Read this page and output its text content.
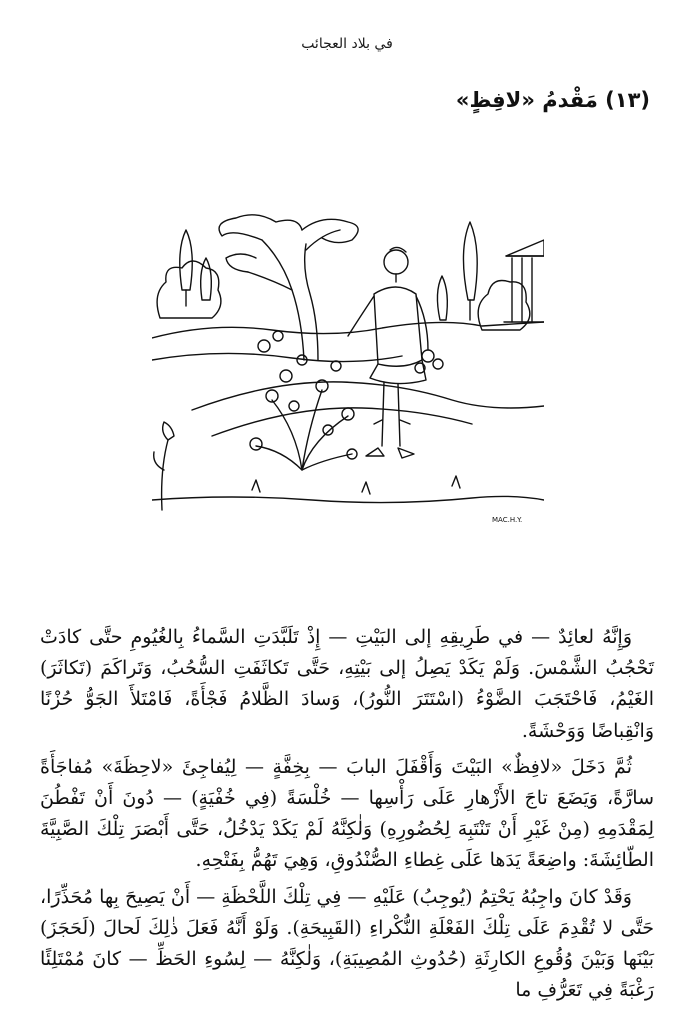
في بلاد العجائب
(١٣) مَقْدمُ «لافِظٍ»
MAC.H.Y.

وَإِنَّهُ لعائِدٌ — في طَرِيقِهِ إلى البَيْتِ — إِذْ تَلَبَّدَتِ السَّماءُ بِالغُيُومِ حتَّى كادَتْ تَحْجُبُ الشَّمْسَ. وَلَمْ يَكَدْ يَصِلُ إلى بَيْتِهِ، حَتَّى تَكاثَفَتِ السُّحُبُ، وَتَراكَمَ (تَكاثَرَ) الغَيْمُ، فَاحْتَجَبَ الضَّوْءُ (اسْتَتَرَ النُّورُ)، وَسادَ الظَّلامُ فَجْأَةً، فَامْتَلأَ الجَوُّ حُزْنًا وَانْقِباضًا وَوَحْشَةً.

ثُمَّ دَخَلَ «لافِظٌ» البَيْتَ وَأَقْفَلَ البابَ — بِخِفَّةٍ — لِيُفاجِئَ «لاحِظَةَ» مُفاجَأَةً سارَّةً، وَيَضَعَ تاجَ الأَزْهارِ عَلَى رَأْسِها — خُلْسَةً (فِي خُفْيَةٍ) — دُونَ أَنْ تَفْطُنَ لِمَقْدَمِهِ (مِنْ غَيْرِ أَنْ تَنْتَبِهَ لِحُضُورِهِ) وَلٰكِنَّهُ لَمْ يَكَدْ يَدْخُلُ، حَتَّى أَبْصَرَ تِلْكَ الصَّبِيَّةَ الطّائِشَةَ: واضِعَةً يَدَها عَلَى غِطاءِ الصُّنْدُوقِ، وَهِيَ تَهُمُّ بِفَتْحِهِ.

وَقَدْ كانَ واجِبُهُ يَحْتِمُ (يُوجِبُ) عَلَيْهِ — فِي تِلْكَ اللَّحْظَةِ — أَنْ يَصِيحَ بِها مُحَذِّرًا، حَتَّى لا تُقْدِمَ عَلَى تِلْكَ الفَعْلَةِ النُّكْراءِ (القَبِيحَةِ). وَلَوْ أَنَّهُ فَعَلَ ذٰلِكَ لَحالَ (لَحَجَزَ) بَيْنَها وَبَيْنَ وُقُوعِ الكارِثَةِ (حُدُوثِ المُصِيبَةِ)، وَلٰكِنَّهُ — لِسُوءِ الحَظِّ — كانَ مُمْتَلِئًا رَغْبَةً فِي تَعَرُّفِ ما
